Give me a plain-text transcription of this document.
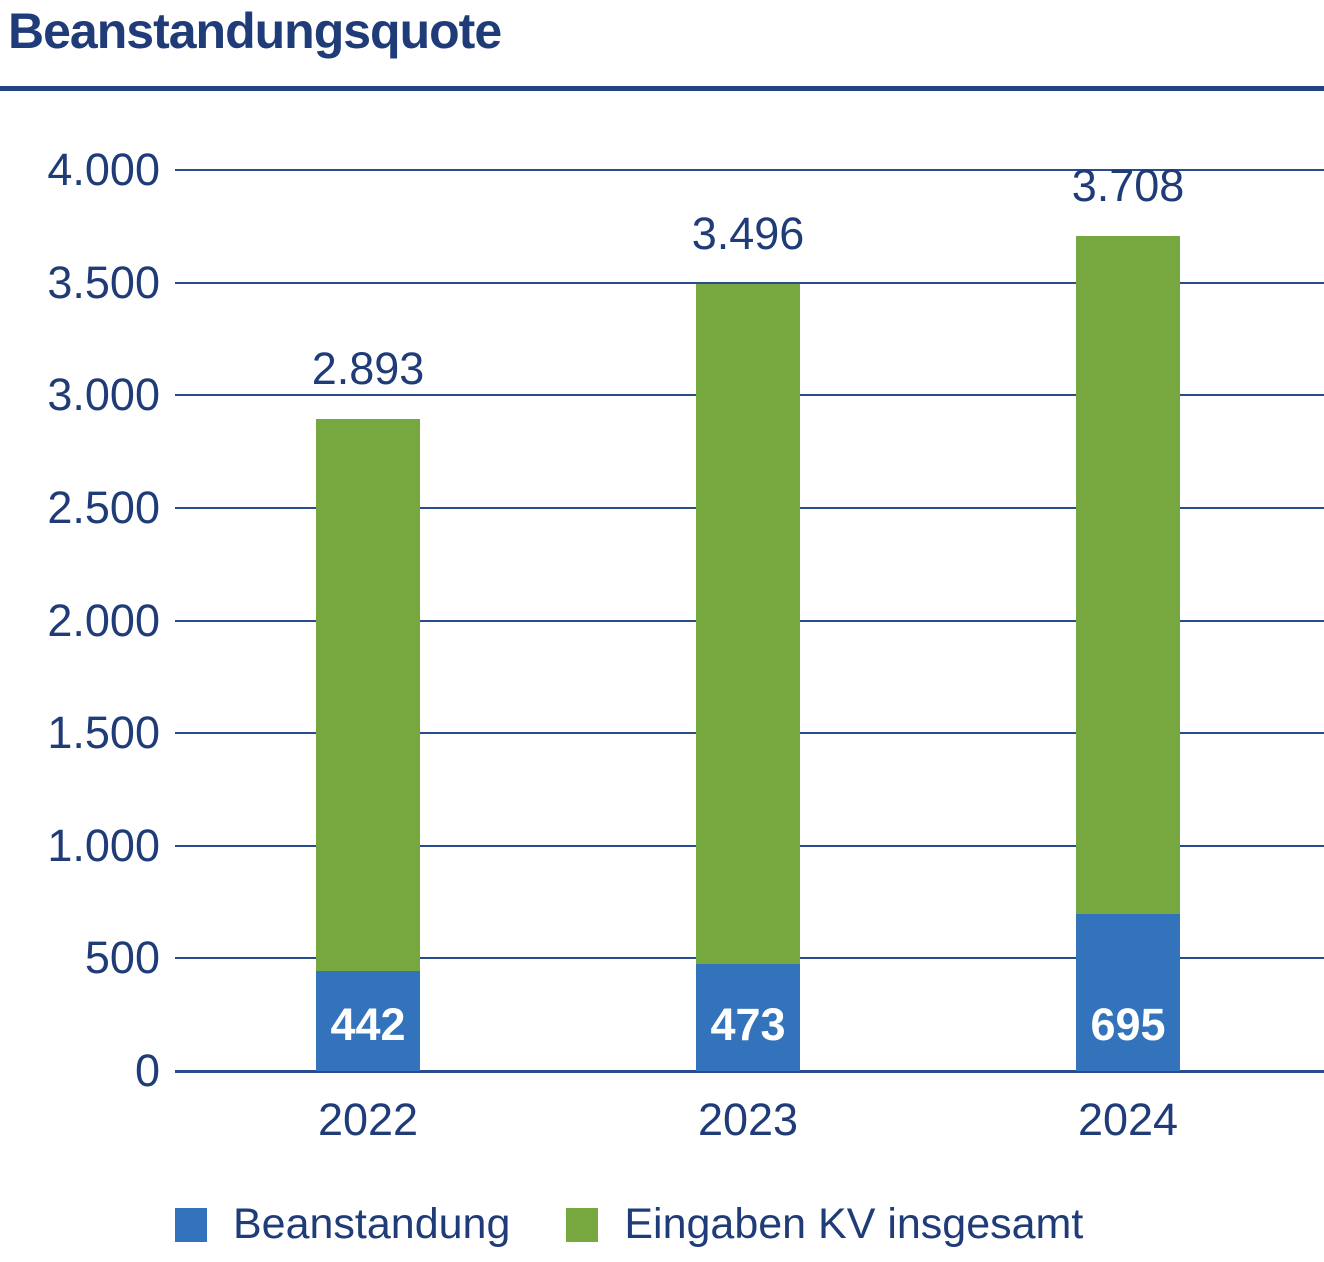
Beanstandungsquote
0
500
1.000
1.500
2.000
2.500
3.000
3.500
4.000
442
2.893
2022
473
3.496
2023
695
3.708
2024
Beanstandung	Eingaben KV insgesamt
